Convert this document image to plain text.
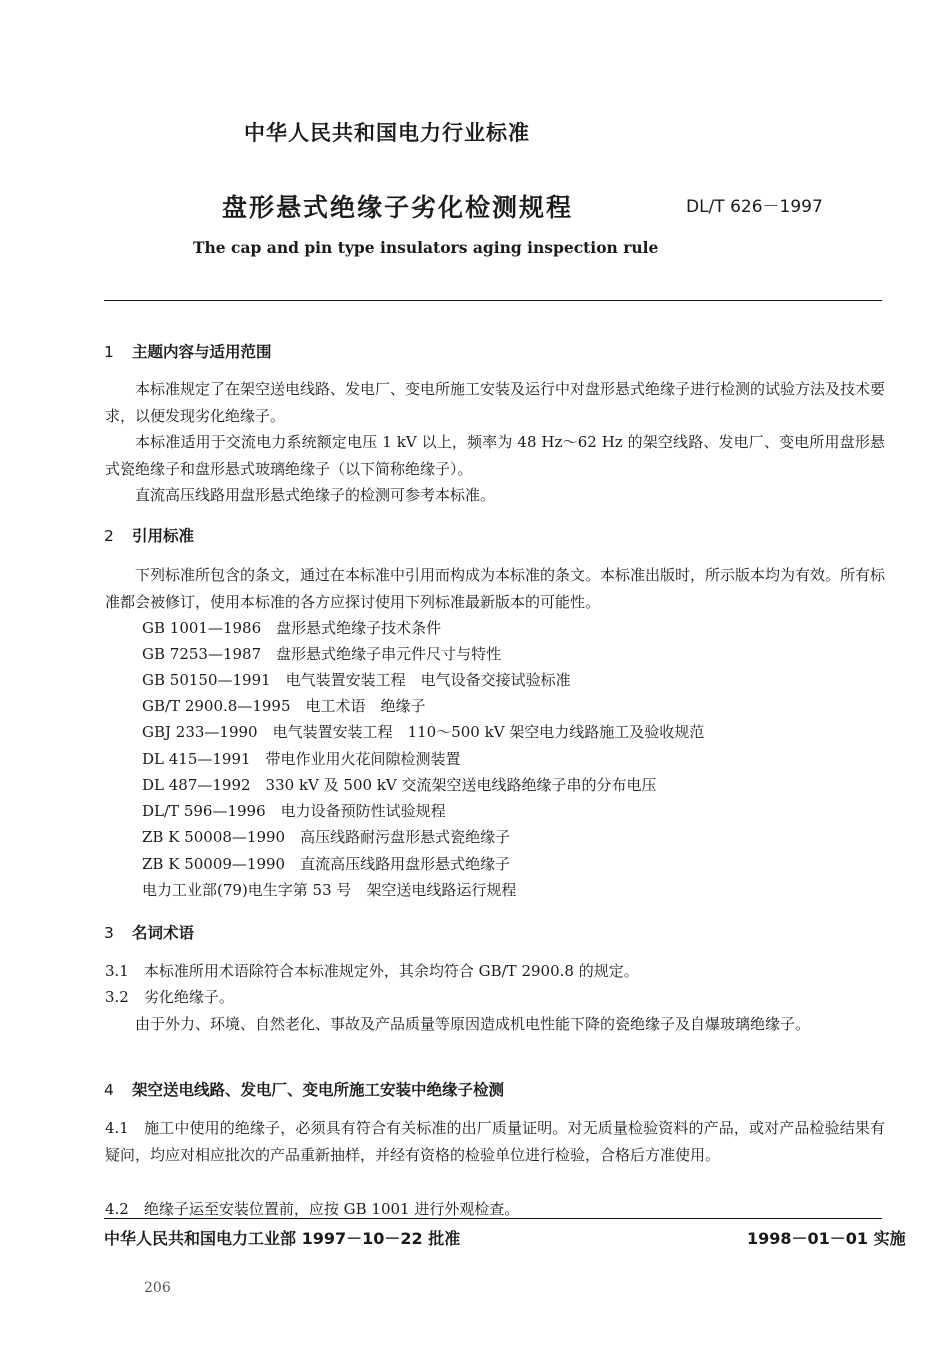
中华人民共和国电力行业标准
盘形悬式绝缘子劣化检测规程	DL/T 626－1997
The cap and pin type insulators aging inspection rule
1 主题内容与适用范围
本标准规定了在架空送电线路、发电厂、变电所施工安装及运行中对盘形悬式绝缘子进行检测的试验方法及技术要求，以便发现劣化绝缘子。
本标准适用于交流电力系统额定电压 1 kV 以上，频率为 48 Hz～62 Hz 的架空线路、发电厂、变电所用盘形悬式瓷绝缘子和盘形悬式玻璃绝缘子（以下简称绝缘子）。
直流高压线路用盘形悬式绝缘子的检测可参考本标准。
2 引用标准
下列标准所包含的条文，通过在本标准中引用而构成为本标准的条文。本标准出版时，所示版本均为有效。所有标准都会被修订，使用本标准的各方应探讨使用下列标准最新版本的可能性。
GB 1001—1986　盘形悬式绝缘子技术条件
GB 7253—1987　盘形悬式绝缘子串元件尺寸与特性
GB 50150—1991　电气装置安装工程　电气设备交接试验标准
GB/T 2900.8—1995　电工术语　绝缘子
GBJ 233—1990　电气装置安装工程　110～500 kV 架空电力线路施工及验收规范
DL 415—1991　带电作业用火花间隙检测装置
DL 487—1992　330 kV 及 500 kV 交流架空送电线路绝缘子串的分布电压
DL/T 596—1996　电力设备预防性试验规程
ZB K 50008—1990　高压线路耐污盘形悬式瓷绝缘子
ZB K 50009—1990　直流高压线路用盘形悬式绝缘子
电力工业部(79)电生字第 53 号　架空送电线路运行规程
3 名词术语
3.1　本标准所用术语除符合本标准规定外，其余均符合 GB/T 2900.8 的规定。
3.2　劣化绝缘子。
由于外力、环境、自然老化、事故及产品质量等原因造成机电性能下降的瓷绝缘子及自爆玻璃绝缘子。
4 架空送电线路、发电厂、变电所施工安装中绝缘子检测
4.1　施工中使用的绝缘子，必须具有符合有关标准的出厂质量证明。对无质量检验资料的产品，或对产品检验结果有疑问，均应对相应批次的产品重新抽样，并经有资格的检验单位进行检验，合格后方准使用。
4.2　绝缘子运至安装位置前，应按 GB 1001 进行外观检查。
中华人民共和国电力工业部 1997－10－22 批准	1998－01－01 实施
206
